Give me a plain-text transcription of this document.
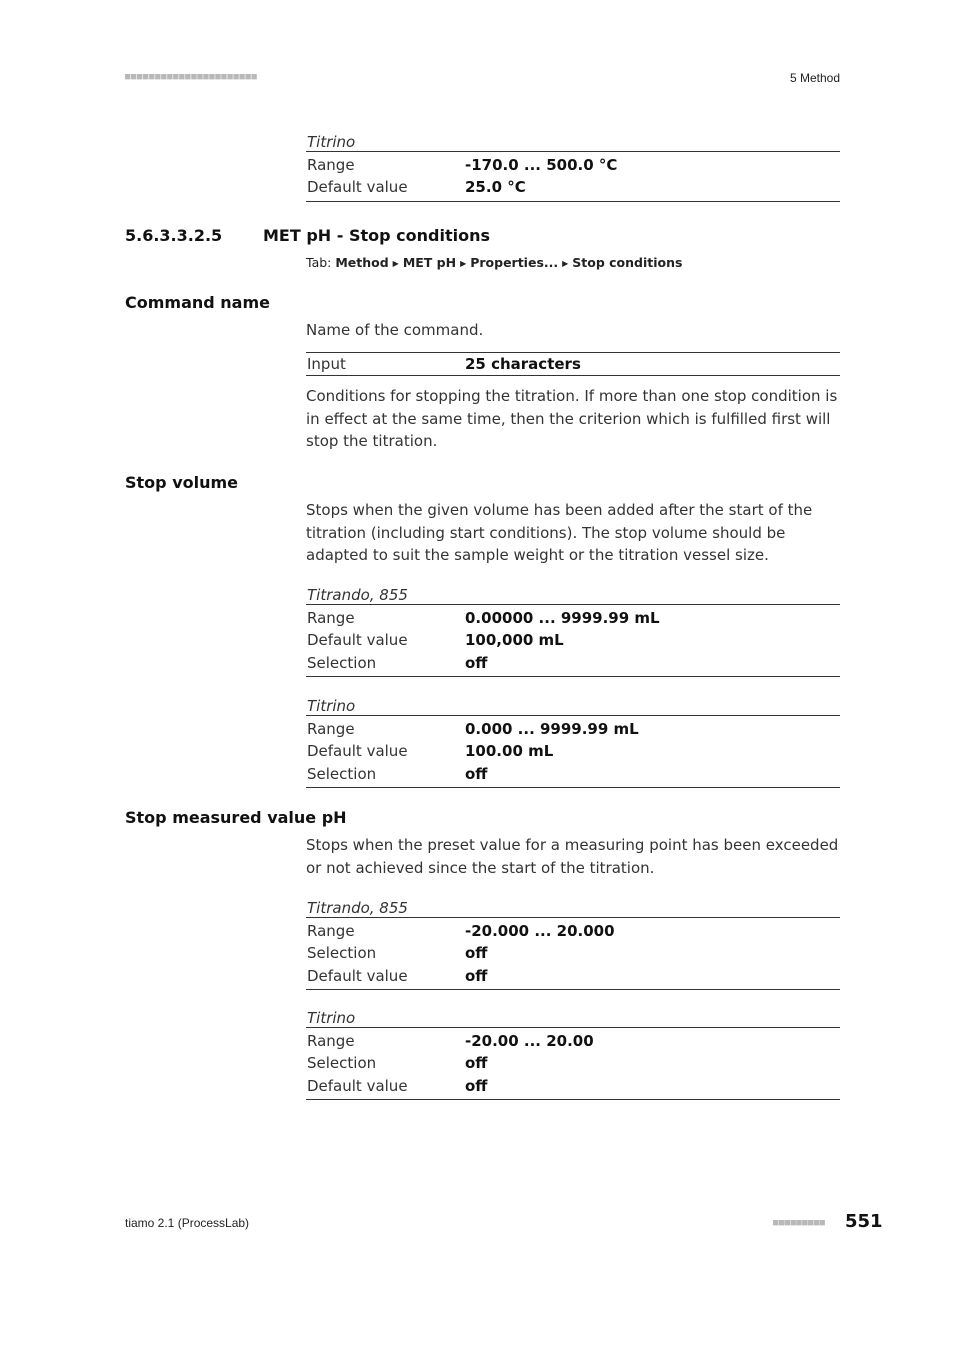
■■■■■■■■■■■■■■■■■■■■■■	5 Method
Titrino
Range	-170.0 ... 500.0 °C
Default value	25.0 °C
5.6.3.3.2.5	MET pH - Stop conditions
Tab: Method ▶ MET pH ▶ Properties... ▶ Stop conditions
Command name
Name of the command.
Input	25 characters
Conditions for stopping the titration. If more than one stop condition is in effect at the same time, then the criterion which is fulfilled first will stop the titration.
Stop volume
Stops when the given volume has been added after the start of the titration (including start conditions). The stop volume should be adapted to suit the sample weight or the titration vessel size.
Titrando, 855
Range	0.00000 ... 9999.99 mL
Default value	100,000 mL
Selection	off
Titrino
Range	0.000 ... 9999.99 mL
Default value	100.00 mL
Selection	off
Stop measured value pH
Stops when the preset value for a measuring point has been exceeded or not achieved since the start of the titration.
Titrando, 855
Range	-20.000 ... 20.000
Selection	off
Default value	off
Titrino
Range	-20.00 ... 20.00
Selection	off
Default value	off
tiamo 2.1 (ProcessLab)	■■■■■■■■■ 551
